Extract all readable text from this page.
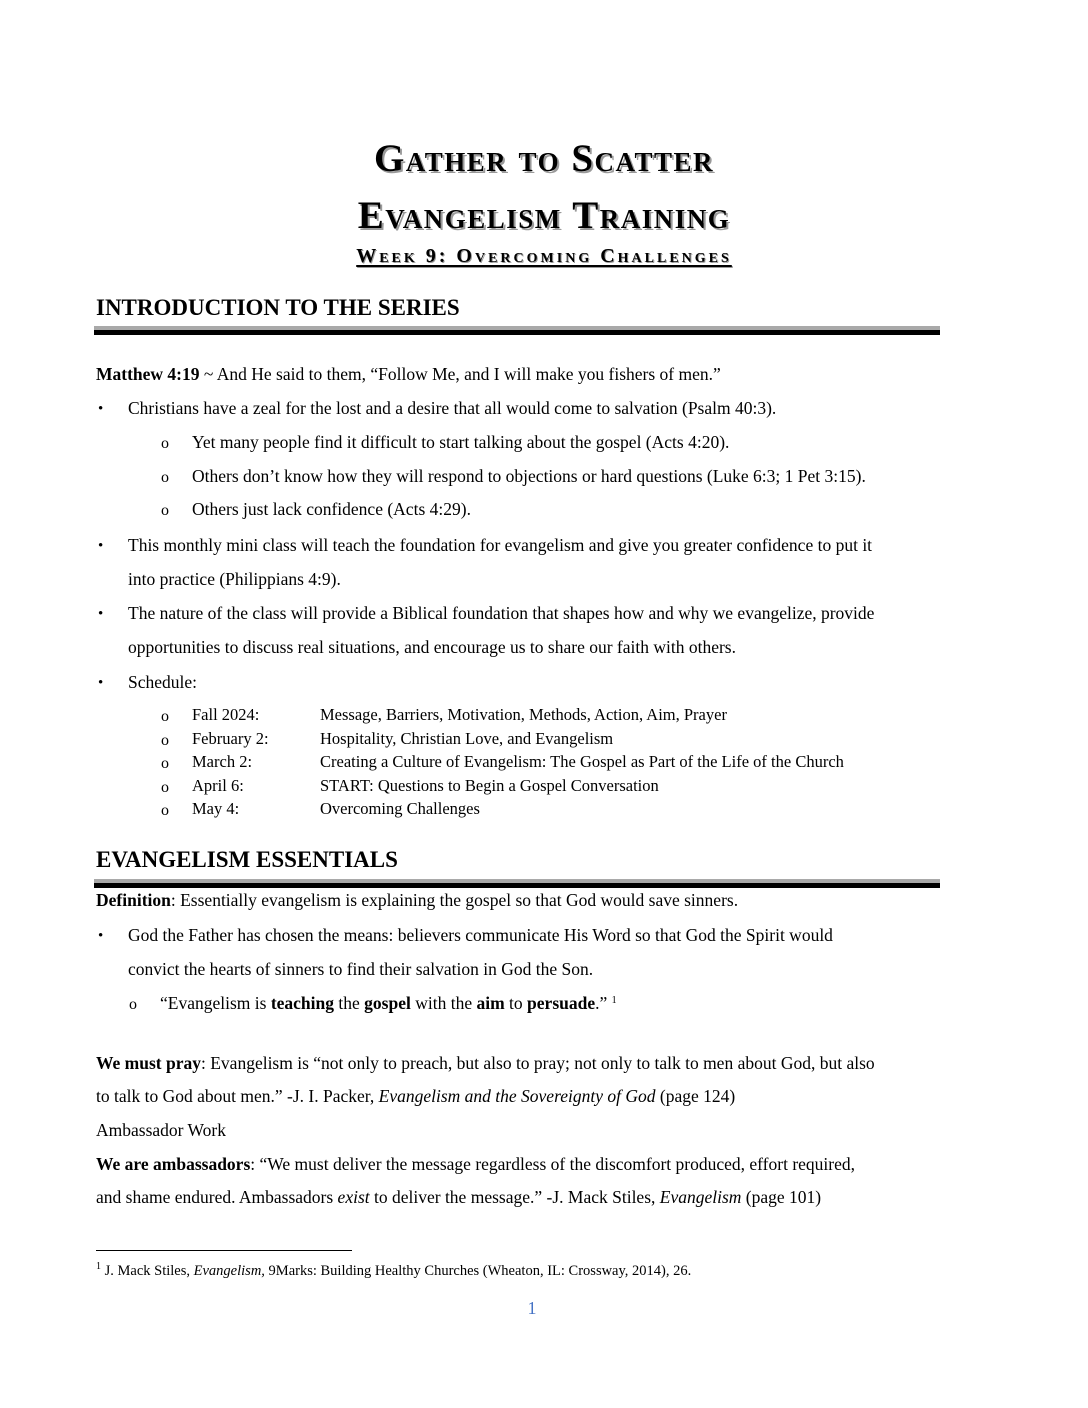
Gather to Scatter
Evangelism Training
Week 9: Overcoming Challenges
INTRODUCTION TO THE SERIES
Matthew 4:19 ~ And He said to them, “Follow Me, and I will make you fishers of men.”
• Christians have a zeal for the lost and a desire that all would come to salvation (Psalm 40:3).
o Yet many people find it difficult to start talking about the gospel (Acts 4:20).
o Others don’t know how they will respond to objections or hard questions (Luke 6:3; 1 Pet 3:15).
o Others just lack confidence (Acts 4:29).
• This monthly mini class will teach the foundation for evangelism and give you greater confidence to put it
into practice (Philippians 4:9).
• The nature of the class will provide a Biblical foundation that shapes how and why we evangelize, provide
opportunities to discuss real situations, and encourage us to share our faith with others.
• Schedule:
o Fall 2024:	Message, Barriers, Motivation, Methods, Action, Aim, Prayer
o February 2:	Hospitality, Christian Love, and Evangelism
o March 2:	Creating a Culture of Evangelism: The Gospel as Part of the Life of the Church
o April 6:	START: Questions to Begin a Gospel Conversation
o May 4:	Overcoming Challenges
EVANGELISM ESSENTIALS
Definition: Essentially evangelism is explaining the gospel so that God would save sinners.
• God the Father has chosen the means: believers communicate His Word so that God the Spirit would
convict the hearts of sinners to find their salvation in God the Son.
o “Evangelism is teaching the gospel with the aim to persuade.” $^1$
We must pray: Evangelism is “not only to preach, but also to pray; not only to talk to men about God, but also
to talk to God about men.” -J. I. Packer, Evangelism and the Sovereignty of God (page 124)
Ambassador Work
We are ambassadors: “We must deliver the message regardless of the discomfort produced, effort required,
and shame endured. Ambassadors exist to deliver the message.” -J. Mack Stiles, Evangelism (page 101)
$^1$ J. Mack Stiles, Evangelism, 9Marks: Building Healthy Churches (Wheaton, IL: Crossway, 2014), 26.
1
